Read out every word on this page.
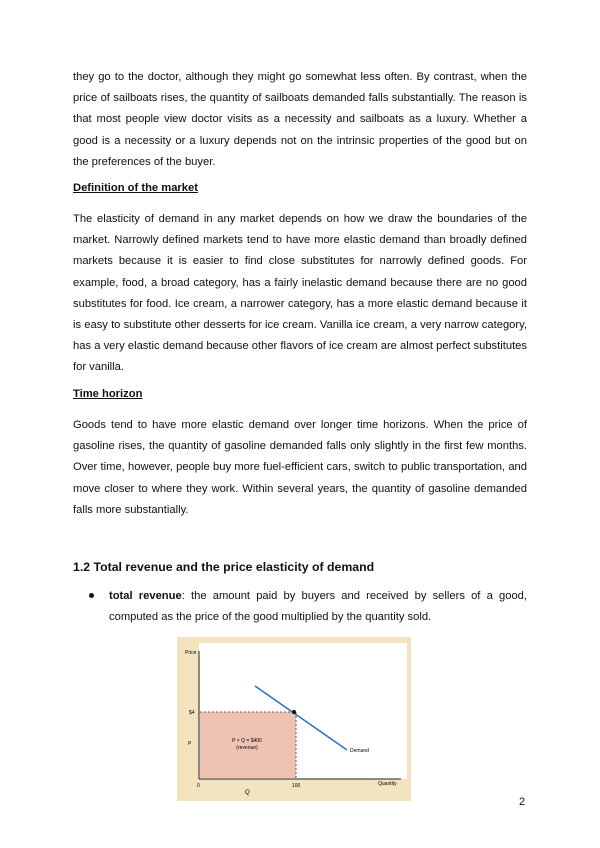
they go to the doctor, although they might go somewhat less often. By contrast, when the price of sailboats rises, the quantity of sailboats demanded falls substantially. The reason is that most people view doctor visits as a necessity and sailboats as a luxury. Whether a good is a necessity or a luxury depends not on the intrinsic properties of the good but on the preferences of the buyer.

Definition of the market

The elasticity of demand in any market depends on how we draw the boundaries of the market. Narrowly defined markets tend to have more elastic demand than broadly defined markets because it is easier to find close substitutes for narrowly defined goods. For example, food, a broad category, has a fairly inelastic demand because there are no good substitutes for food. Ice cream, a narrower category, has a more elastic demand because it is easy to substitute other desserts for ice cream. Vanilla ice cream, a very narrow category, has a very elastic demand because other flavors of ice cream are almost perfect substitutes for vanilla.

Time horizon

Goods tend to have more elastic demand over longer time horizons. When the price of gasoline rises, the quantity of gasoline demanded falls only slightly in the first few months. Over time, however, people buy more fuel-efficient cars, switch to public transportation, and move closer to where they work. Within several years, the quantity of gasoline demanded falls more substantially.

1.2 Total revenue and the price elasticity of demand

total revenue: the amount paid by buyers and received by sellers of a good, computed as the price of the good multiplied by the quantity sold.

Price
Quantity
$4
P
0	100
Q
P × Q = $400
(revenue)	Demand
2
